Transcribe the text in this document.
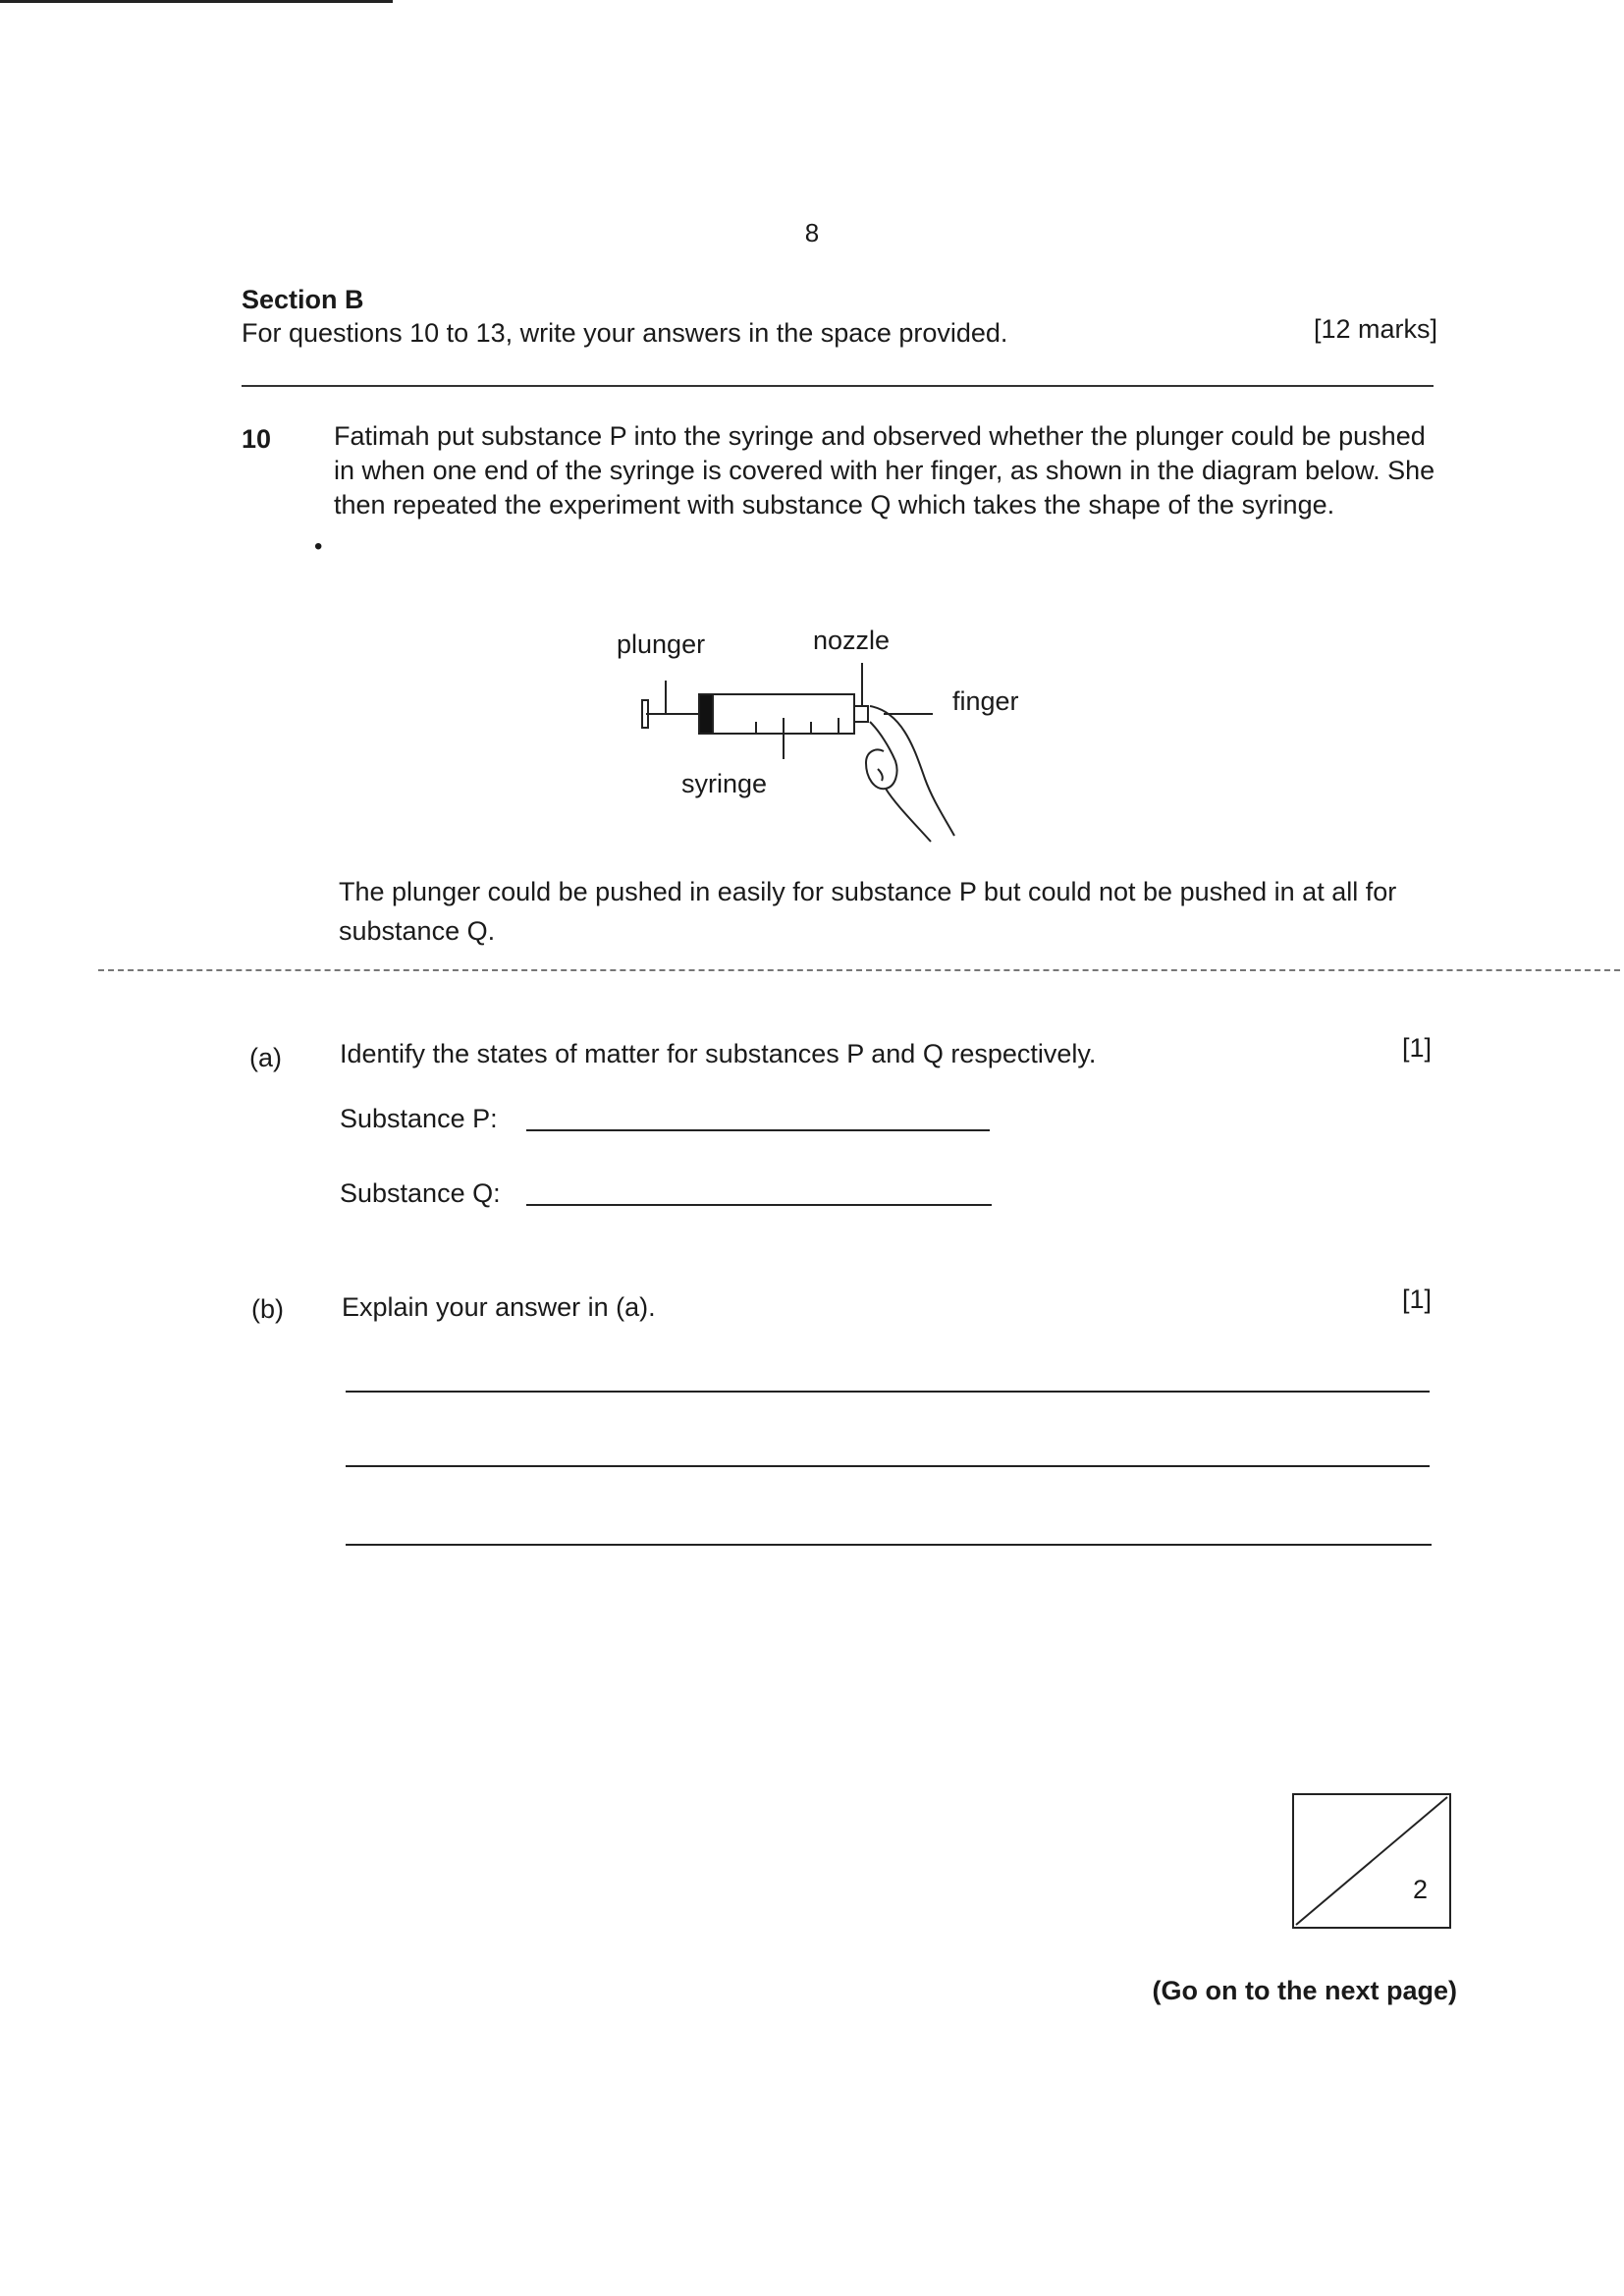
8
Section B
For questions 10 to 13, write your answers in the space provided.	[12 marks]
10
•
Fatimah put substance P into the syringe and observed whether the plunger could be pushed in when one end of the syringe is covered with her finger, as shown in the diagram below. She then repeated the experiment with substance Q which takes the shape of the syringe.
plunger	nozzle
finger
syringe
The plunger could be pushed in easily for substance P but could not be pushed in at all for substance Q.
(a) Identify the states of matter for substances P and Q respectively.	[1]
Substance P:
Substance Q:
(b) Explain your answer in (a).	[1]
2
(Go on to the next page)
